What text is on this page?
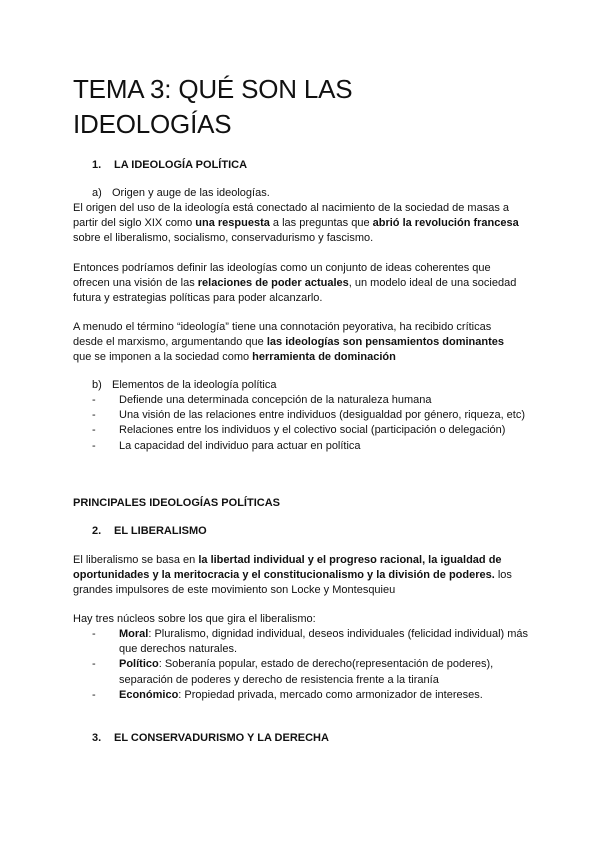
TEMA 3: QUÉ SON LAS
IDEOLOGÍAS
1. LA IDEOLOGÍA POLÍTICA
a) Origen y auge de las ideologías.
El origen del uso de la ideología está conectado al nacimiento de la sociedad de masas a
partir del siglo XIX como una respuesta a las preguntas que abrió la revolución francesa
sobre el liberalismo, socialismo, conservadurismo y fascismo.
Entonces podríamos definir las ideologías como un conjunto de ideas coherentes que
ofrecen una visión de las relaciones de poder actuales, un modelo ideal de una sociedad
futura y estrategias políticas para poder alcanzarlo.
A menudo el término “ideología” tiene una connotación peyorativa, ha recibido críticas
desde el marxismo, argumentando que las ideologías son pensamientos dominantes
que se imponen a la sociedad como herramienta de dominación
b) Elementos de la ideología política
- Defiende una determinada concepción de la naturaleza humana
- Una visión de las relaciones entre individuos (desigualdad por género, riqueza, etc)
- Relaciones entre los individuos y el colectivo social (participación o delegación)
- La capacidad del individuo para actuar en política
PRINCIPALES IDEOLOGÍAS POLÍTICAS
2. EL LIBERALISMO
El liberalismo se basa en la libertad individual y el progreso racional, la igualdad de
oportunidades y la meritocracia y el constitucionalismo y la división de poderes. los
grandes impulsores de este movimiento son Locke y Montesquieu
Hay tres núcleos sobre los que gira el liberalismo:
- Moral: Pluralismo, dignidad individual, deseos individuales (felicidad individual) más
que derechos naturales.
- Político: Soberanía popular, estado de derecho(representación de poderes),
separación de poderes y derecho de resistencia frente a la tiranía
- Económico: Propiedad privada, mercado como armonizador de intereses.
3. EL CONSERVADURISMO Y LA DERECHA
